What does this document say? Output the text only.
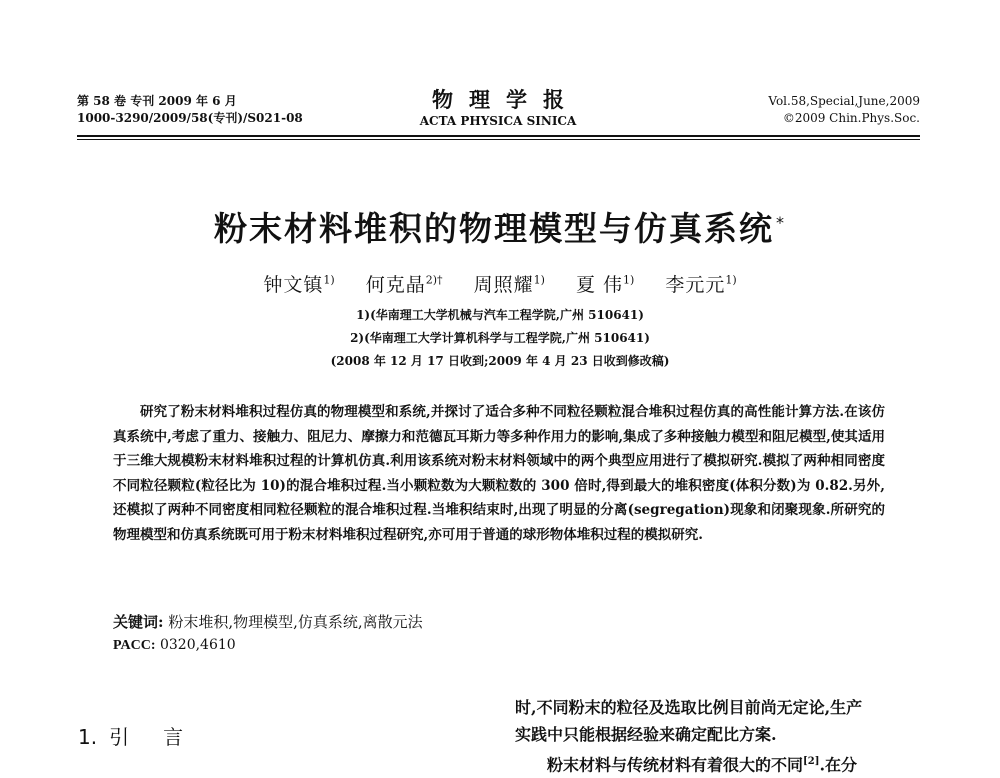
第 58 卷 专刊 2009 年 6 月
1000-3290/2009/58(专刊)/S021-08
物理学报
ACTA PHYSICA SINICA
Vol.58,Special,June,2009
©2009 Chin.Phys.Soc.
粉末材料堆积的物理模型与仿真系统 *
钟文镇$^{1)}$ 何克晶$^{2)\dagger}$ 周照耀$^{1)}$ 夏 伟$^{1)}$ 李元元$^{1)}$
1)(华南理工大学机械与汽车工程学院,广州 510641)
2)(华南理工大学计算机科学与工程学院,广州 510641)
(2008 年 12 月 17 日收到;2009 年 4 月 23 日收到修改稿)

研究了粉末材料堆积过程仿真的物理模型和系统,并探讨了适合多种不同粒径颗粒混合堆积过程仿真的高性能计算方法.在该仿真系统中,考虑了重力、接触力、阻尼力、摩擦力和范德瓦耳斯力等多种作用力的影响,集成了多种接触力模型和阻尼模型,使其适用于三维大规模粉末材料堆积过程的计算机仿真.利用该系统对粉末材料领域中的两个典型应用进行了模拟研究.模拟了两种相同密度不同粒径颗粒(粒径比为 10)的混合堆积过程.当小颗粒数为大颗粒数的 300 倍时,得到最大的堆积密度(体积分数)为 0.82.另外,还模拟了两种不同密度相同粒径颗粒的混合堆积过程.当堆积结束时,出现了明显的分离(segregation)现象和闭聚现象.所研究的物理模型和仿真系统既可用于粉末材料堆积过程研究,亦可用于普通的球形物体堆积过程的模拟研究.

关键词: 粉末堆积,物理模型,仿真系统,离散元法
PACC: 0320,4610
1. 引言

时,不同粉末的粒径及选取比例目前尚无定论,生产

实践中只能根据经验来确定配比方案.

粉末材料与传统材料有着很大的不同[2].在分
